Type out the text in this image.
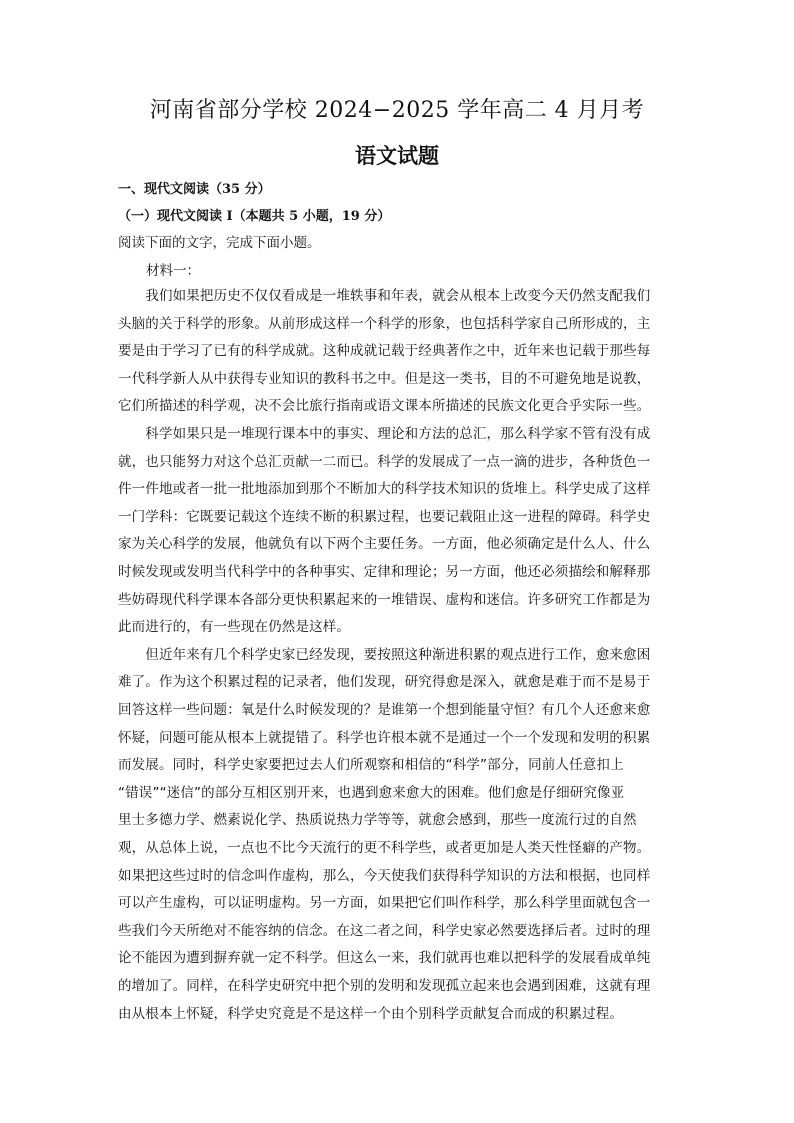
河南省部分学校 2024−2025 学年高二 4 月月考
语文试题
一、现代文阅读（35 分）
（一）现代文阅读 I（本题共 5 小题，19 分）
阅读下面的文字，完成下面小题。
材料一：
　　我们如果把历史不仅仅看成是一堆轶事和年表，就会从根本上改变今天仍然支配我们
头脑的关于科学的形象。从前形成这样一个科学的形象，也包括科学家自己所形成的，主
要是由于学习了已有的科学成就。这种成就记载于经典著作之中，近年来也记载于那些每
一代科学新人从中获得专业知识的教科书之中。但是这一类书，目的不可避免地是说教，
它们所描述的科学观，决不会比旅行指南或语文课本所描述的民族文化更合乎实际一些。
　　科学如果只是一堆现行课本中的事实、理论和方法的总汇，那么科学家不管有没有成
就，也只能努力对这个总汇贡献一二而已。科学的发展成了一点一滴的进步，各种货色一
件一件地或者一批一批地添加到那个不断加大的科学技术知识的货堆上。科学史成了这样
一门学科：它既要记载这个连续不断的积累过程，也要记载阻止这一进程的障碍。科学史
家为关心科学的发展，他就负有以下两个主要任务。一方面，他必须确定是什么人、什么
时候发现或发明当代科学中的各种事实、定律和理论；另一方面，他还必须描绘和解释那
些妨碍现代科学课本各部分更快积累起来的一堆错误、虚构和迷信。许多研究工作都是为
此而进行的，有一些现在仍然是这样。
　　但近年来有几个科学史家已经发现，要按照这种渐进积累的观点进行工作，愈来愈困
难了。作为这个积累过程的记录者，他们发现，研究得愈是深入，就愈是难于而不是易于
回答这样一些问题：氧是什么时候发现的？是谁第一个想到能量守恒？有几个人还愈来愈
怀疑，问题可能从根本上就提错了。科学也许根本就不是通过一个一个发现和发明的积累
而发展。同时，科学史家要把过去人们所观察和相信的“科学”部分，同前人任意扣上
“错误”“迷信”的部分互相区别开来，也遇到愈来愈大的困难。他们愈是仔细研究像亚
里士多德力学、燃素说化学、热质说热力学等等，就愈会感到，那些一度流行过的自然
观，从总体上说，一点也不比今天流行的更不科学些，或者更加是人类天性怪癖的产物。
如果把这些过时的信念叫作虚构，那么，今天使我们获得科学知识的方法和根据，也同样
可以产生虚构，可以证明虚构。另一方面，如果把它们叫作科学，那么科学里面就包含一
些我们今天所绝对不能容纳的信念。在这二者之间，科学史家必然要选择后者。过时的理
论不能因为遭到摒弃就一定不科学。但这么一来，我们就再也难以把科学的发展看成单纯
的增加了。同样，在科学史研究中把个别的发明和发现孤立起来也会遇到困难，这就有理
由从根本上怀疑，科学史究竟是不是这样一个由个别科学贡献复合而成的积累过程。
